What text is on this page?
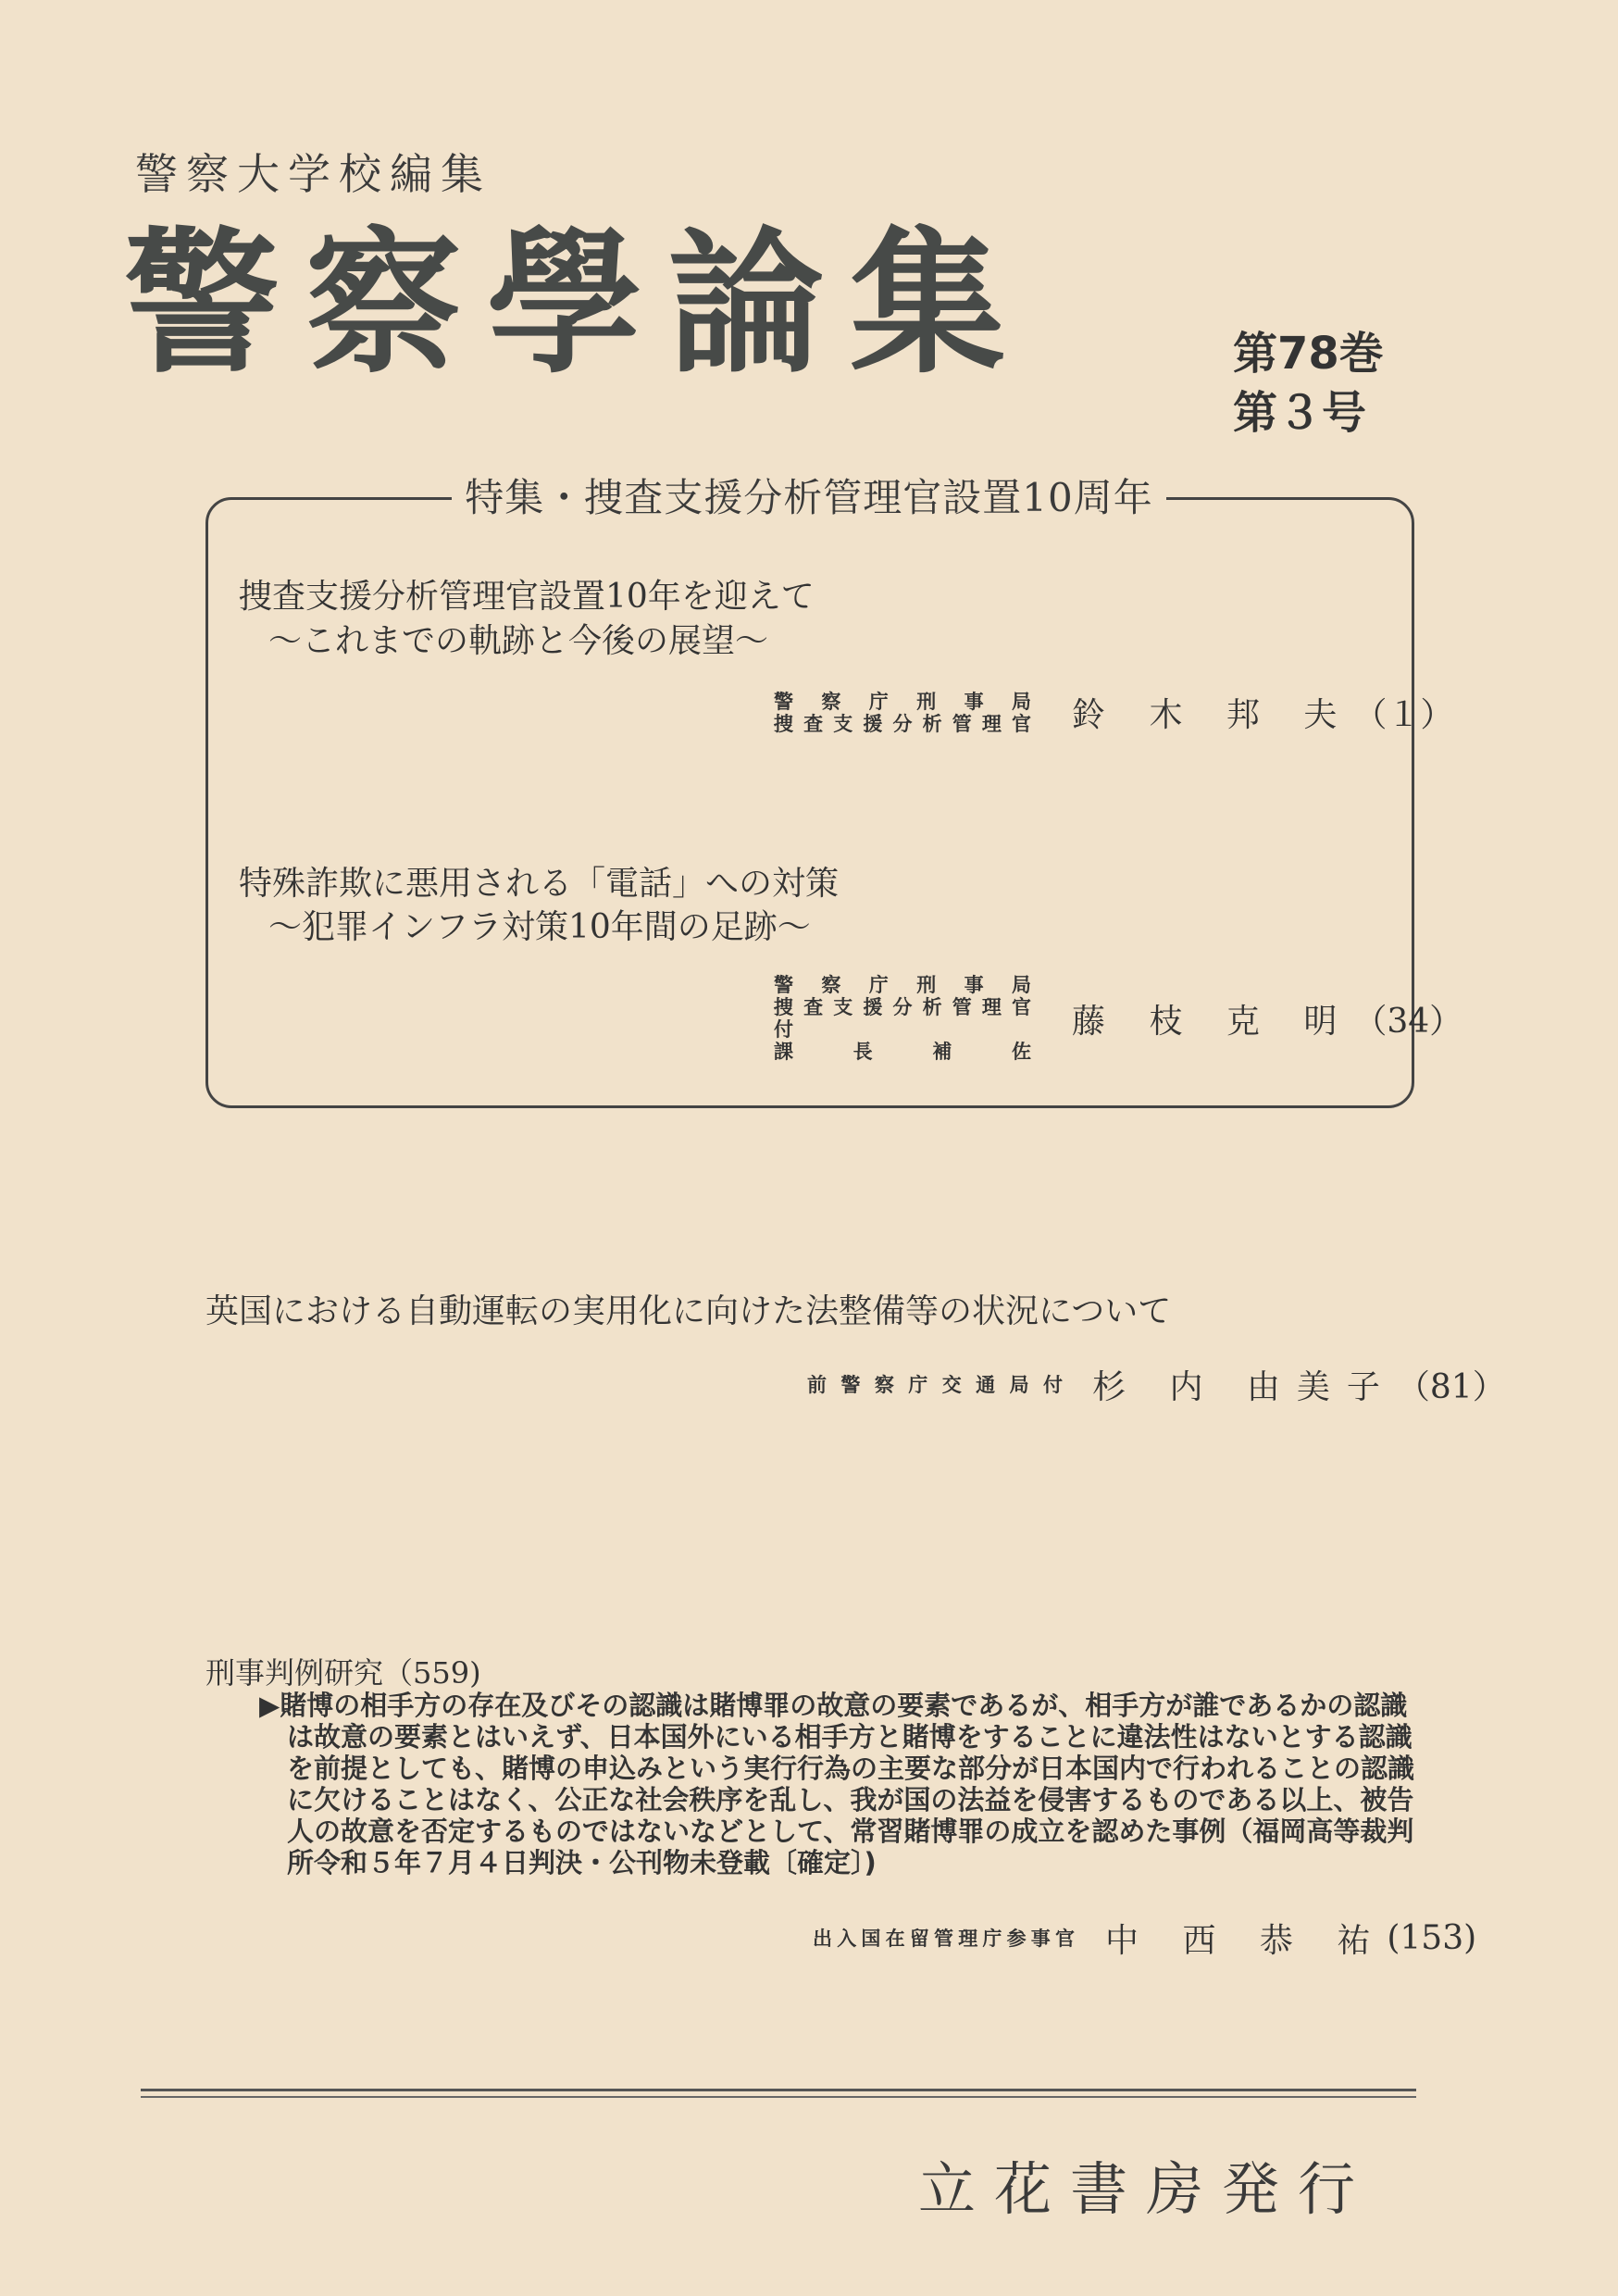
警察大学校編集
警察學論集	第78巻
第３号
特集・捜査支援分析管理官設置10周年
捜査支援分析管理官設置10年を迎えて
〜これまでの軌跡と今後の展望〜
警察庁刑事局
捜査支援分析管理官 鈴 木 邦 夫 （１）
特殊詐欺に悪用される「電話」への対策
〜犯罪インフラ対策10年間の足跡〜
警察庁刑事局
捜査支援分析管理官付
課長補佐
藤 枝 克 明 （34）
英国における自動運転の実用化に向けた法整備等の状況について
前警察庁交通局付 杉 内 由美子 （81）
刑事判例研究（559)
▶賭博の相手方の存在及びその認識は賭博罪の故意の要素であるが、相手方が誰であるかの認識は故意の要素とはいえず、日本国外にいる相手方と賭博をすることに違法性はないとする認識を前提としても、賭博の申込みという実行行為の主要な部分が日本国内で行われることの認識に欠けることはなく、公正な社会秩序を乱し、我が国の法益を侵害するものである以上、被告人の故意を否定するものではないなどとして、常習賭博罪の成立を認めた事例（福岡高等裁判所令和５年７月４日判決・公刊物未登載〔確定〕)
出入国在留管理庁参事官 中 西 恭 祐 (153)
立花書房発行
